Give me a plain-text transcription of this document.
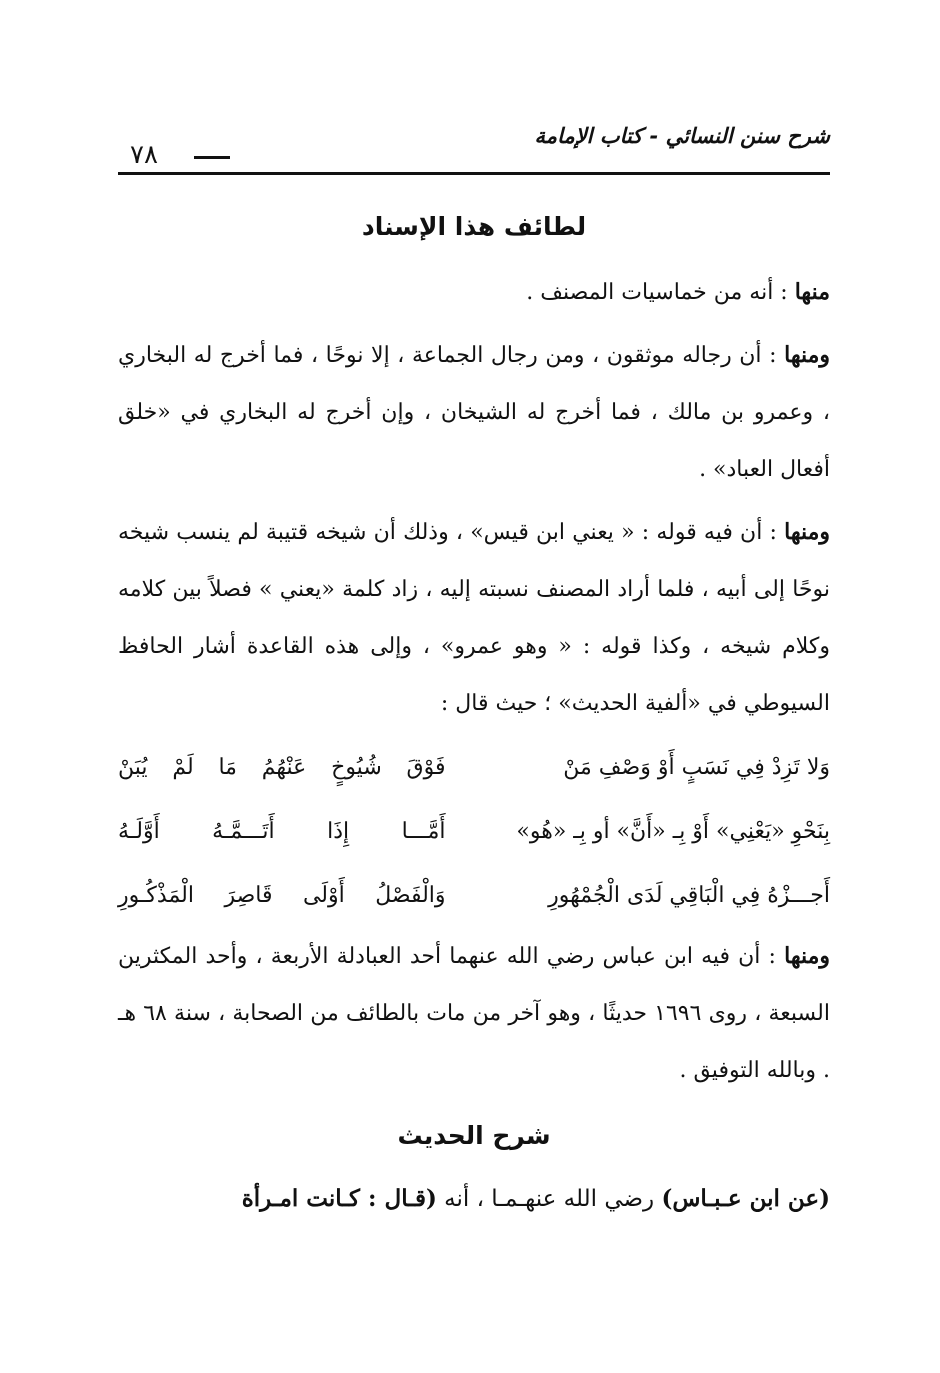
شرح سنن النسائي - كتاب الإمامة
٧٨
لطائف هذا الإسناد

منها : أنه من خماسيات المصنف .

ومنها : أن رجاله موثقون ، ومن رجال الجماعة ، إلا نوحًا ، فما أخرج له البخاري ، وعمرو بن مالك ، فما أخرج له الشيخان ، وإن أخرج له البخاري في «خلق أفعال العباد» .

ومنها : أن فيه قوله : « يعني ابن قيس» ، وذلك أن شيخه قتيبة لم ينسب شيخه نوحًا إلى أبيه ، فلما أراد المصنف نسبته إليه ، زاد كلمة «يعني » فصلاً بين كلامه وكلام شيخه ، وكذا قوله : « وهو عمرو» ، وإلى هذه القاعدة أشار الحافظ السيوطي في «ألفية الحديث» ؛ حيث قال :

وَلا تَزِدْ فِي نَسَبٍ أَوْ وَصْفِ مَنْ
فَوْقَ شُيُوخٍ عَنْهُمُ مَا لَمْ يُبَنْ
بِنَحْوِ «يَعْنِي» أَوْ بِـ «أَنَّ» أو بِـ «هُو»
أَمَّـــا إِذَا أَتَـــمَّـهُ أَوَّلَـهُ
أَجـــزْهُ فِي الْبَاقِي لَدَى الْجُمْهُورِ
وَالْفَصْلُ أَوْلَى قَاصِرَ الْمَذْكُـورِ

ومنها : أن فيه ابن عباس رضي الله عنهما أحد العبادلة الأربعة ، وأحد المكثرين السبعة ، روى ١٦٩٦ حديثًا ، وهو آخر من مات بالطائف من الصحابة ، سنة ٦٨ هـ . وبالله التوفيق .

شرح الحديث

(عن ابن عـبـاس) رضي الله عنهـمـا ، أنه (قـال : كـانت امـرأة
